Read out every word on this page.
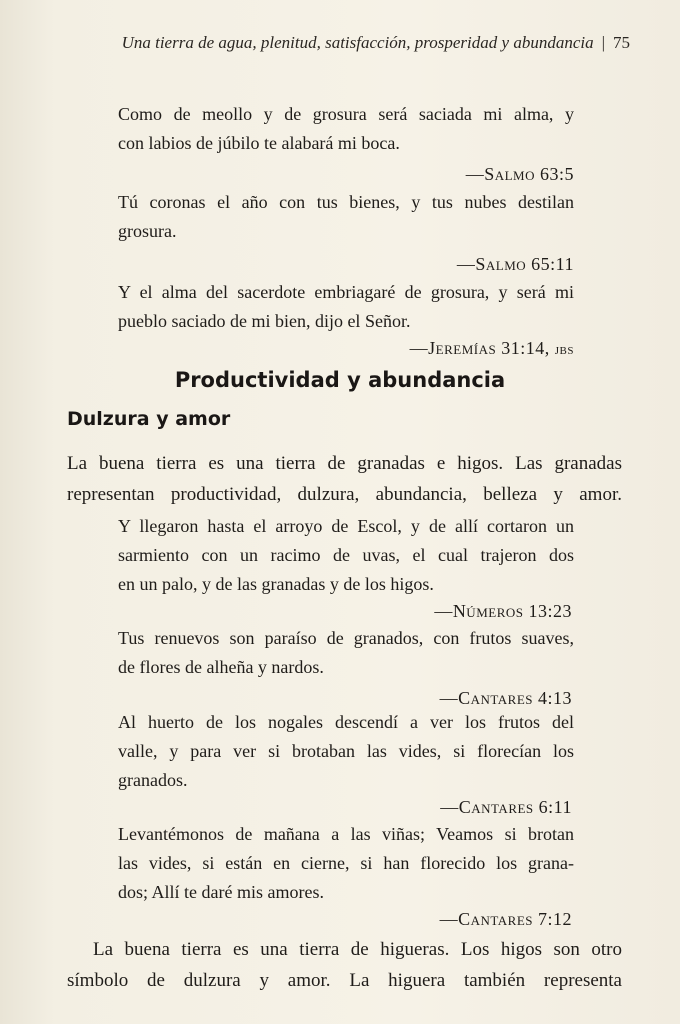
Una tierra de agua, plenitud, satisfacción, prosperidad y abundancia | 75

Como de meollo y de grosura será saciada mi alma, y

con labios de júbilo te alabará mi boca.

—Salmo 63:5

Tú coronas el año con tus bienes, y tus nubes destilan

grosura.

—Salmo 65:11

Y el alma del sacerdote embriagaré de grosura, y será mi

pueblo saciado de mi bien, dijo el Señor.

—Jeremías 31:14, jbs

Productividad y abundancia
Dulzura y amor

La buena tierra es una tierra de granadas e higos. Las granadas

representan productividad, dulzura, abundancia, belleza y amor.

Y llegaron hasta el arroyo de Escol, y de allí cortaron un

sarmiento con un racimo de uvas, el cual trajeron dos

en un palo, y de las granadas y de los higos.

—Números 13:23

Tus renuevos son paraíso de granados, con frutos suaves,

de flores de alheña y nardos.

—Cantares 4:13

Al huerto de los nogales descendí a ver los frutos del

valle, y para ver si brotaban las vides, si florecían los

granados.

—Cantares 6:11

Levantémonos de mañana a las viñas; Veamos si brotan

las vides, si están en cierne, si han florecido los grana-

dos; Allí te daré mis amores.

—Cantares 7:12

La buena tierra es una tierra de higueras. Los higos son otro

símbolo de dulzura y amor. La higuera también representa
